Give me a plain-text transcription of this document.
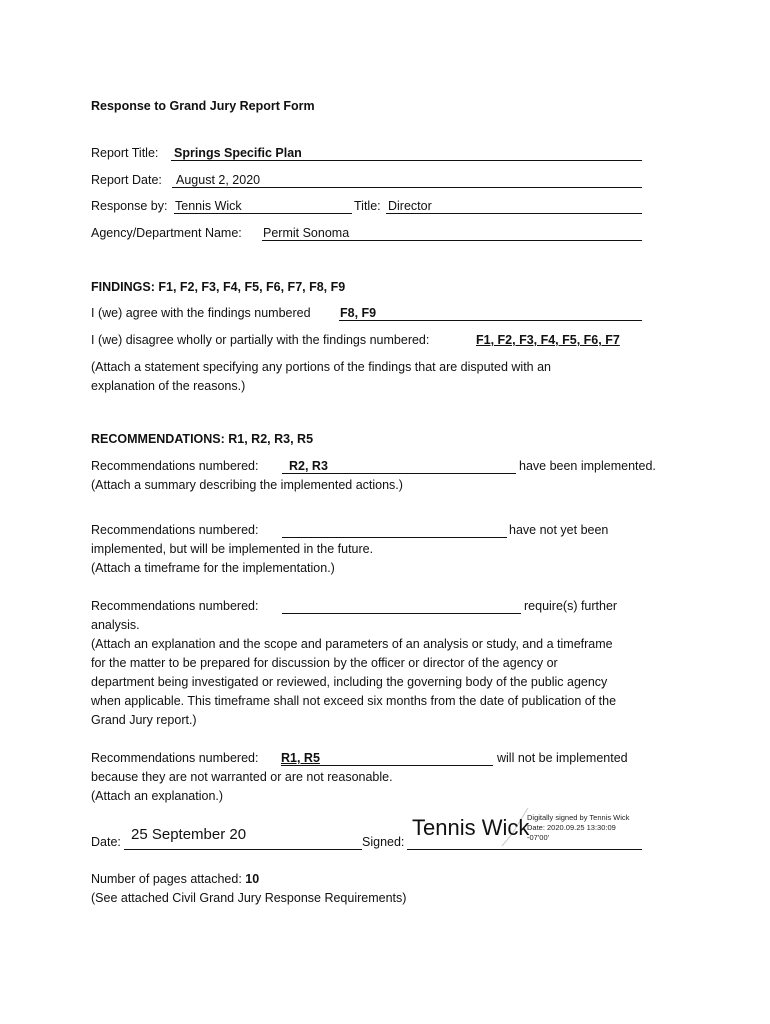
Response to Grand Jury Report Form
Report Title: Springs Specific Plan
Report Date: August 2, 2020
Response by: Tennis Wick	Title: Director
Agency/Department Name: Permit Sonoma
FINDINGS: F1, F2, F3, F4, F5, F6, F7, F8, F9
I (we) agree with the findings numbered F8, F9
I (we) disagree wholly or partially with the findings numbered:	F1, F2, F3, F4, F5, F6, F7
(Attach a statement specifying any portions of the findings that are disputed with an
explanation of the reasons.)
RECOMMENDATIONS: R1, R2, R3, R5
Recommendations numbered: R2, R3	have been implemented.
(Attach a summary describing the implemented actions.)
Recommendations numbered:	have not yet been
implemented, but will be implemented in the future.
(Attach a timeframe for the implementation.)
Recommendations numbered:	require(s) further
analysis.
(Attach an explanation and the scope and parameters of an analysis or study, and a timeframe
for the matter to be prepared for discussion by the officer or director of the agency or
department being investigated or reviewed, including the governing body of the public agency
when applicable. This timeframe shall not exceed six months from the date of publication of the
Grand Jury report.)
Recommendations numbered: R1, R5	will not be implemented
because they are not warranted or are not reasonable.
(Attach an explanation.)
Date: 25 September 20	Signed:
Tennis Wick
Digitally signed by Tennis Wick
Date: 2020.09.25 13:30:09
-07'00'
Number of pages attached: 10
(See attached Civil Grand Jury Response Requirements)
